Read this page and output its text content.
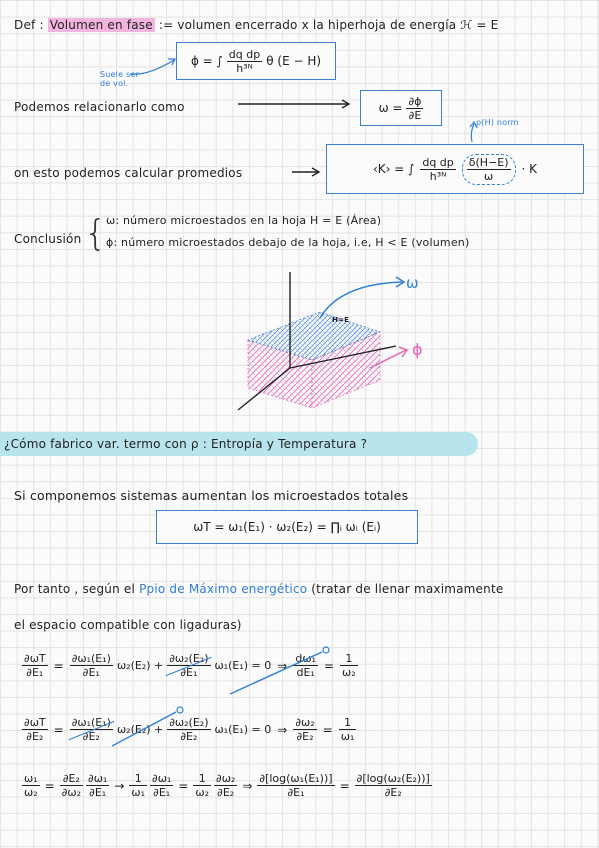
Def : Volumen en fase := volumen encerrado x la hiperhoja de energía ℋ = E
ϕ = ∫ $\frac{\text{dq dp}}{\text{h³ᴺ}}$ θ (E − H)
Suele ser de vol.
Podemos relacionarlo como	$\omega = \frac{\partial\phi}{\partial E}$
ρ(H) norm
on esto podemos calcular promedios	‹K› = ∫ $\frac{\text{dq dp}}{\text{h³ᴺ}} \frac{\delta(H-E)}{\omega} \cdot K$
Conclusión {
ω: número microestados en la hoja H = E (Área)
ϕ: número microestados debajo de la hoja, i.e, H < E (volumen)
ω
ϕ
H=E
¿Cómo fabrico var. termo con ρ : Entropía y Temperatura ?
Si componemos sistemas aumentan los microestados totales
ωT = ω₁(E₁) · ω₂(E₂) = ∏ᵢ ωᵢ (Eᵢ)
Por tanto , según el Ppio de Máximo energético (tratar de llenar maximamente
el espacio compatible con ligaduras)
$\frac{\partial\omega T}{\text{∂E₁}} = \frac{\text{∂ω₁(E₁)}}{\text{∂E₁}} \omega_2(E_2) + \frac{\text{∂ω₂(E₂)}}{\text{∂E₁}} \omega_1(E_1) = 0$ ⇒ $\frac{\text{dω₁}}{\text{dE₁}} = \frac{1}{\text{ω₂}}$
$\frac{\partial\omega T}{\text{∂E₂}} = \frac{\text{∂ω₁(E₁)}}{\text{∂E₂}} \omega_2(E_2) + \frac{\text{∂ω₂(E₂)}}{\text{∂E₂}} \omega_1(E_1) = 0$ ⇒ $\frac{\text{∂ω₂}}{\text{∂E₂}} = \frac{1}{\text{ω₁}}$
$\frac{\text{ω₁}}{\text{ω₂}} = \frac{\text{∂E₂}}{\text{∂ω₂}} \frac{\text{∂ω₁}}{\text{∂E₁}} \to \frac{1}{\text{ω₁}} \frac{\text{∂ω₁}}{\text{∂E₁}} = \frac{1}{\text{ω₂}} \frac{\text{∂ω₂}}{\text{∂E₂}}$ ⇒ $\frac{\text{∂[log(ω₁(E₁))]}}{\text{∂E₁}} = \frac{\text{∂[log(ω₂(E₂))]}}{\text{∂E₂}}$
